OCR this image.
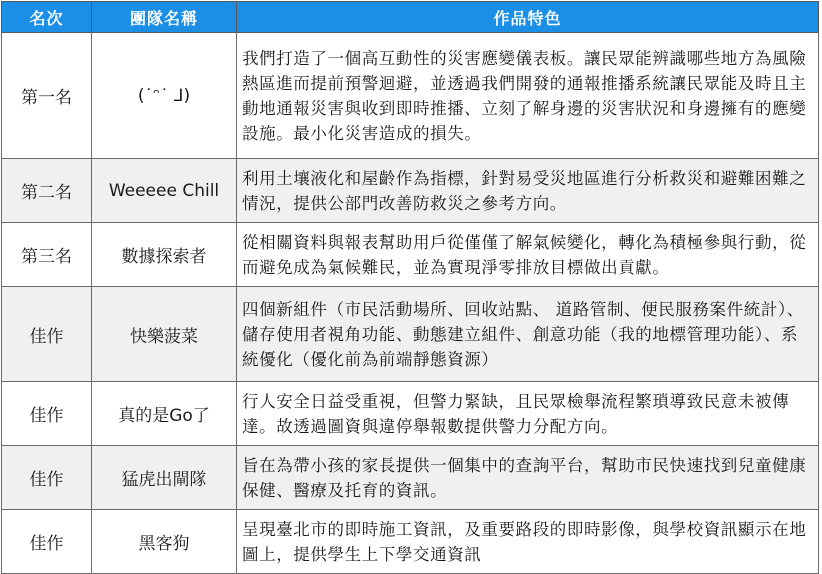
名次	團隊名稱	作品特色
第一名	(˙ᵔ˙ ⅃)	我們打造了一個高互動性的災害應變儀表板。讓民眾能辨識哪些地方為風險熱區進而提前預警迴避，並透過我們開發的通報推播系統讓民眾能及時且主動地通報災害與收到即時推播、立刻了解身邊的災害狀況和身邊擁有的應變設施。最小化災害造成的損失。
第二名	Weeeee Chill	利用土壤液化和屋齡作為指標，針對易受災地區進行分析救災和避難困難之情況，提供公部門改善防救災之參考方向。
第三名	數據探索者	從相關資料與報表幫助用戶從僅僅了解氣候變化，轉化為積極參與行動，從而避免成為氣候難民，並為實現淨零排放目標做出貢獻。
佳作	快樂菠菜	四個新組件（市民活動場所、回收站點、 道路管制、便民服務案件統計）、儲存使用者視角功能、動態建立組件、創意功能（我的地標管理功能）、系統優化（優化前為前端靜態資源）
佳作	真的是Go了	行人安全日益受重視，但警力緊缺，且民眾檢舉流程繁瑣導致民意未被傳達。故透過圖資與違停舉報數提供警力分配方向。
佳作	猛虎出閘隊	旨在為帶小孩的家長提供一個集中的查詢平台，幫助市民快速找到兒童健康保健、醫療及托育的資訊。
佳作	黑客狗	呈現臺北市的即時施工資訊，及重要路段的即時影像，與學校資訊顯示在地圖上，提供學生上下學交通資訊
